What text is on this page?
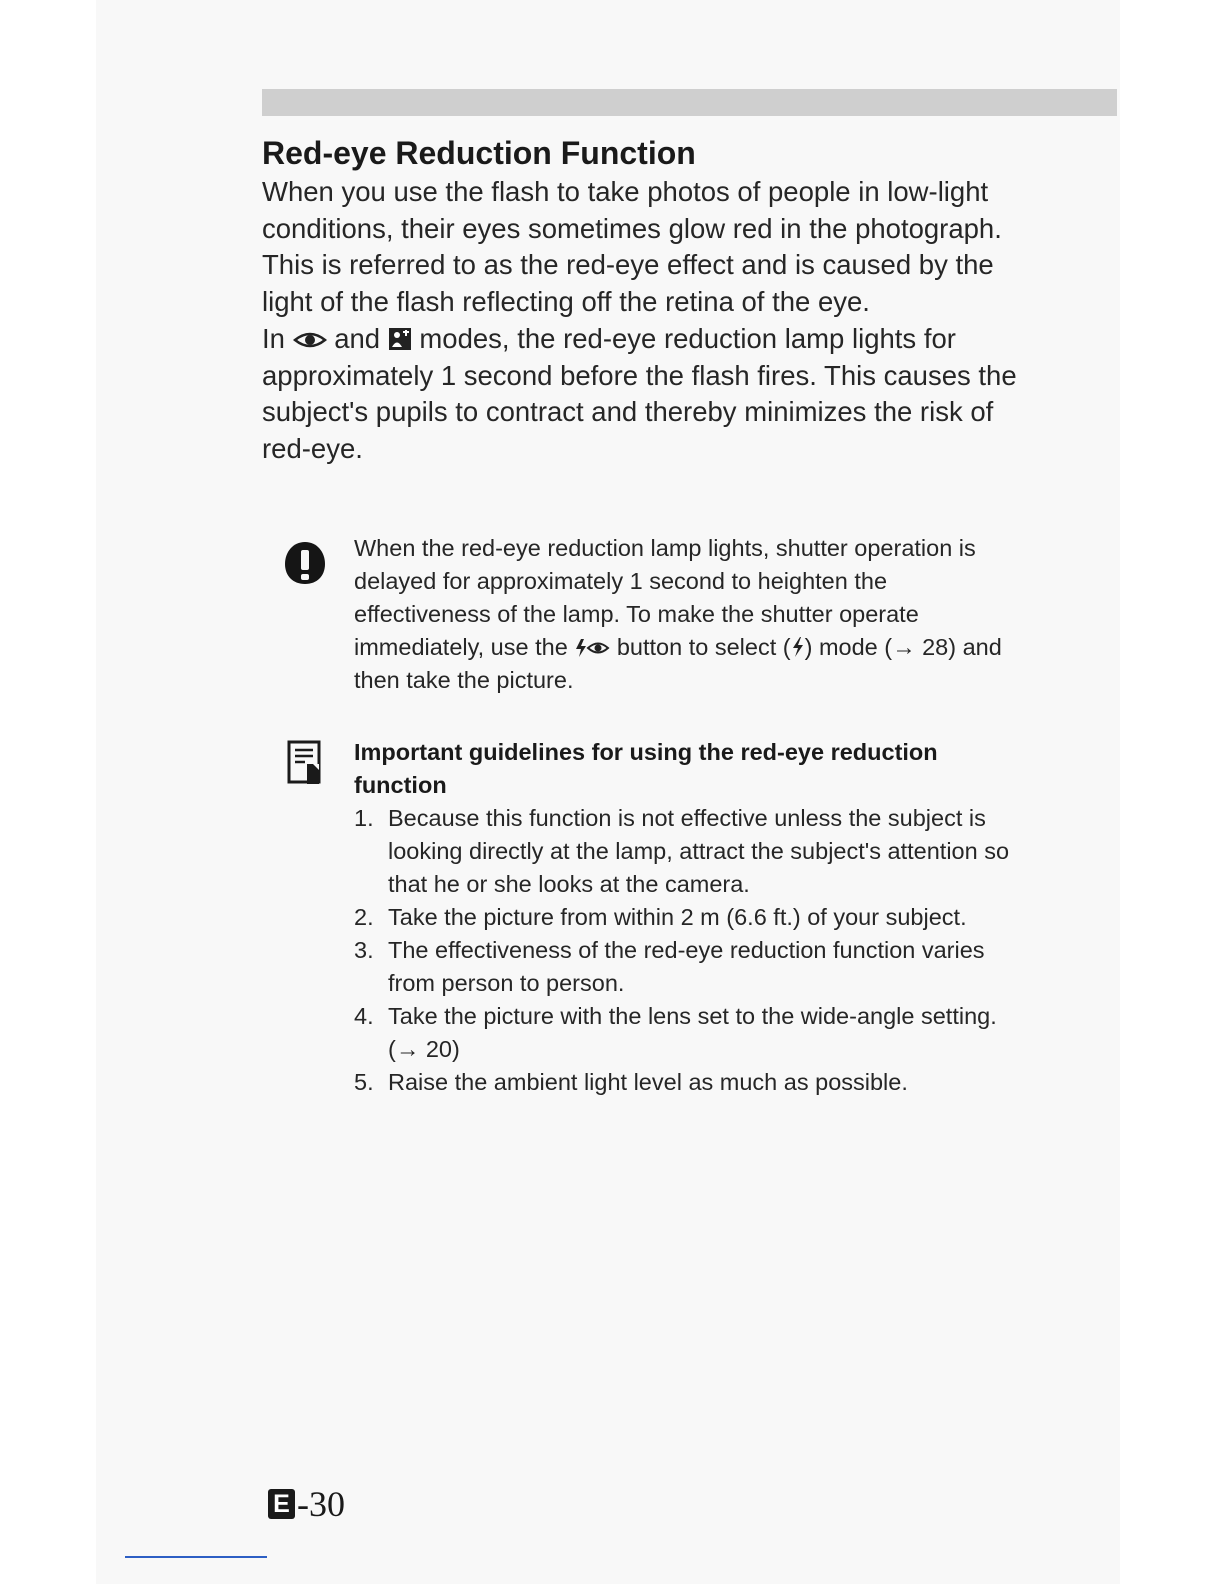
Red-eye Reduction Function

When you use the flash to take photos of people in low-light conditions, their eyes sometimes glow red in the photograph. This is referred to as the red-eye effect and is caused by the light of the flash reflecting off the retina of the eye.

In and modes, the red-eye reduction lamp lights for approximately 1 second before the flash fires. This causes the subject's pupils to contract and thereby minimizes the risk of red-eye.

When the red-eye reduction lamp lights, shutter operation is delayed for approximately 1 second to heighten the effectiveness of the lamp. To make the shutter operate immediately, use the button to select ( ) mode (→ 28) and then take the picture.

Important guidelines for using the red-eye reduction function

1. Because this function is not effective unless the subject is looking directly at the lamp, attract the subject's attention so that he or she looks at the camera.
2. Take the picture from within 2 m (6.6 ft.) of your subject.
3. The effectiveness of the red-eye reduction function varies from person to person.
4. Take the picture with the lens set to the wide-angle setting. (→ 20)
5. Raise the ambient light level as much as possible.
E -30
